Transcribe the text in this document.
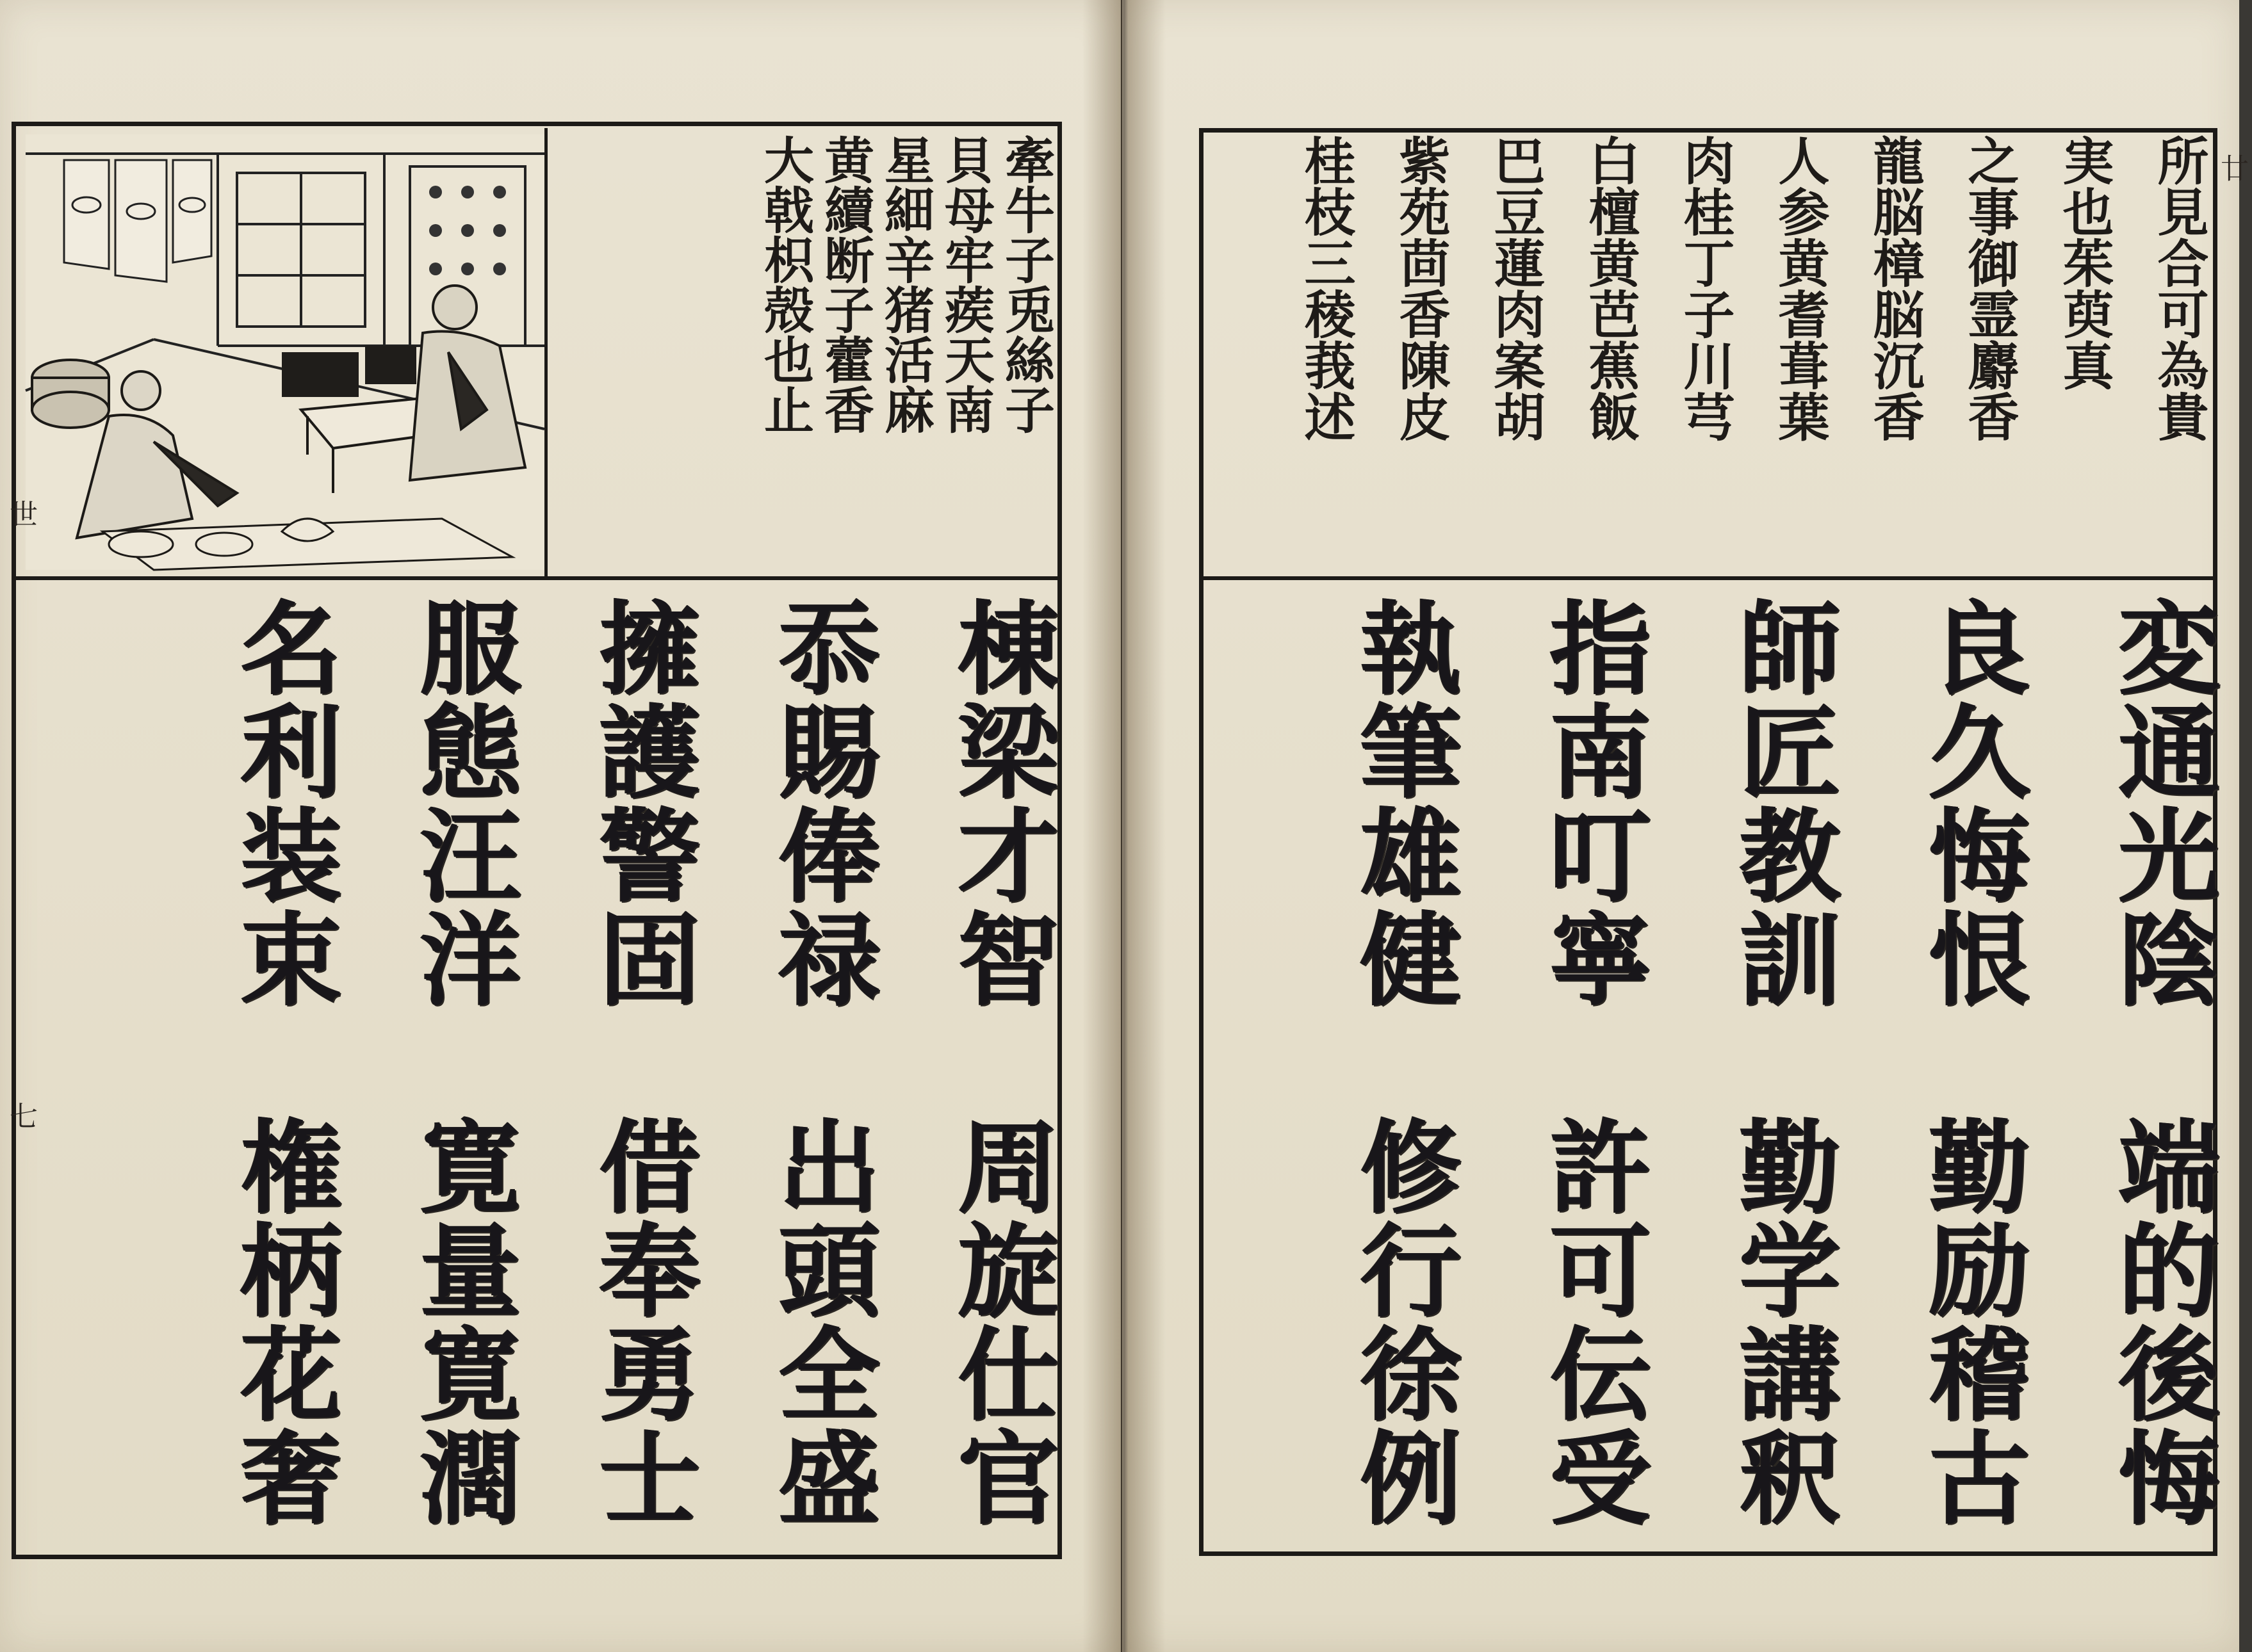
牽牛子兎絲子
貝母牢蒺天南
星細辛猪活麻
黄續断子藿香
大戟枳殻也止
棟梁才智　周旋仕官
忝賜俸禄　出頭全盛
擁護警固　借奉勇士
服態汪洋　寛量寛濶
名利装束　権柄花奢
世
七
所見合可為貴
実也茱萸真
之事御霊麝香
龍脳樟脳沉香
人参黄耆葺葉
肉桂丁子川芎
白檀黄芭蕉飯
巴豆蓮肉案胡
紫苑茴香陳皮
桂枝三稜莪述
変通光陰　端的後悔
良久悔恨　勤励稽古
師匠教訓　勤学講釈
指南叮寧　許可伝受
執筆雄健　修行徐例
廿
